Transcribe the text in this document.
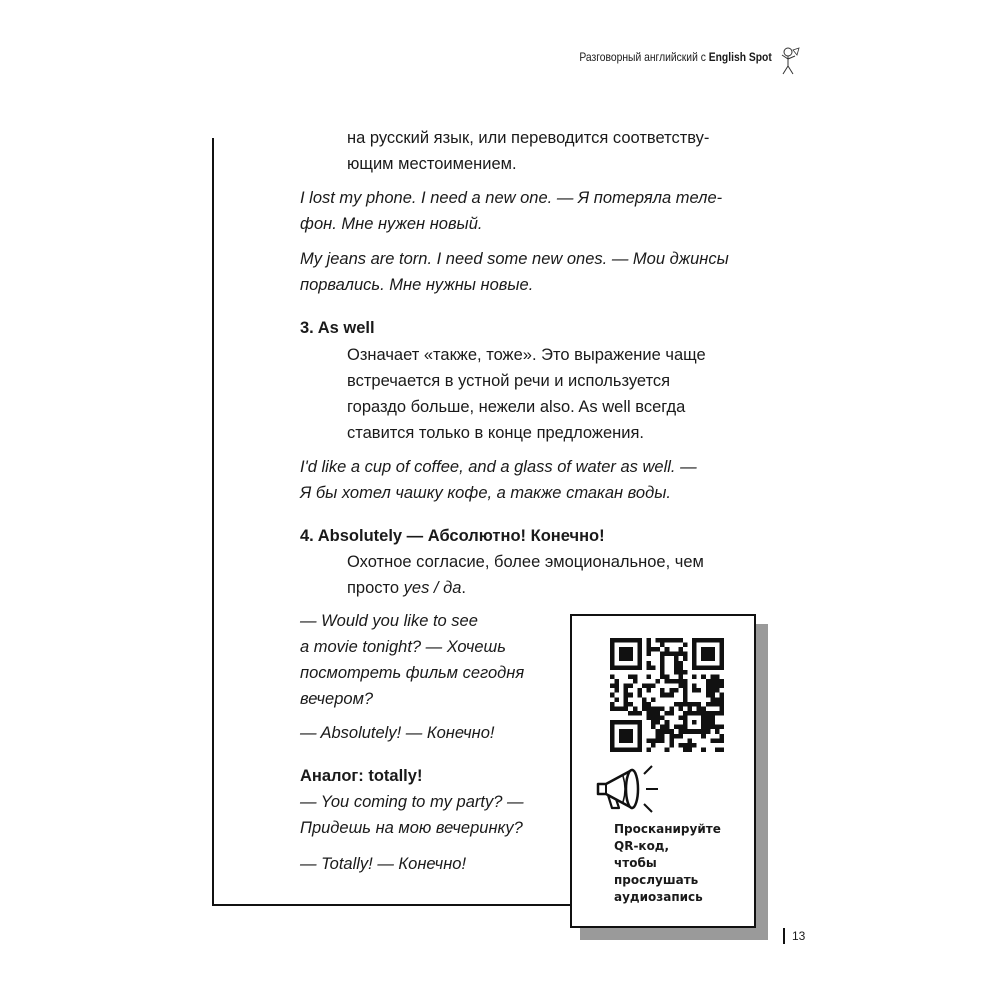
Разговорный английский с English Spot
на русский язык, или переводится соответству-
ющим местоимением.
I lost my phone. I need a new one. — Я потеряла теле-
фон. Мне нужен новый.
My jeans are torn. I need some new ones. — Мои джинсы
порвались. Мне нужны новые.
3. As well
Означает «также, тоже». Это выражение чаще
встречается в устной речи и используется
гораздо больше, нежели also. As well всегда
ставится только в конце предложения.
I'd like a cup of coffee, and a glass of water as well. —
Я бы хотел чашку кофе, а также стакан воды.
4. Absolutely — Абсолютно! Конечно!
Охотное согласие, более эмоциональное, чем
просто yes / да.
— Would you like to see
a movie tonight? — Хочешь
посмотреть фильм сегодня
вечером?
— Absolutely! — Конечно!
Аналог: totally!
— You coming to my party? —
Придешь на мою вечеринку?
— Totally! — Конечно!
Просканируйте
QR-код,
чтобы
прослушать
аудиозапись
13
